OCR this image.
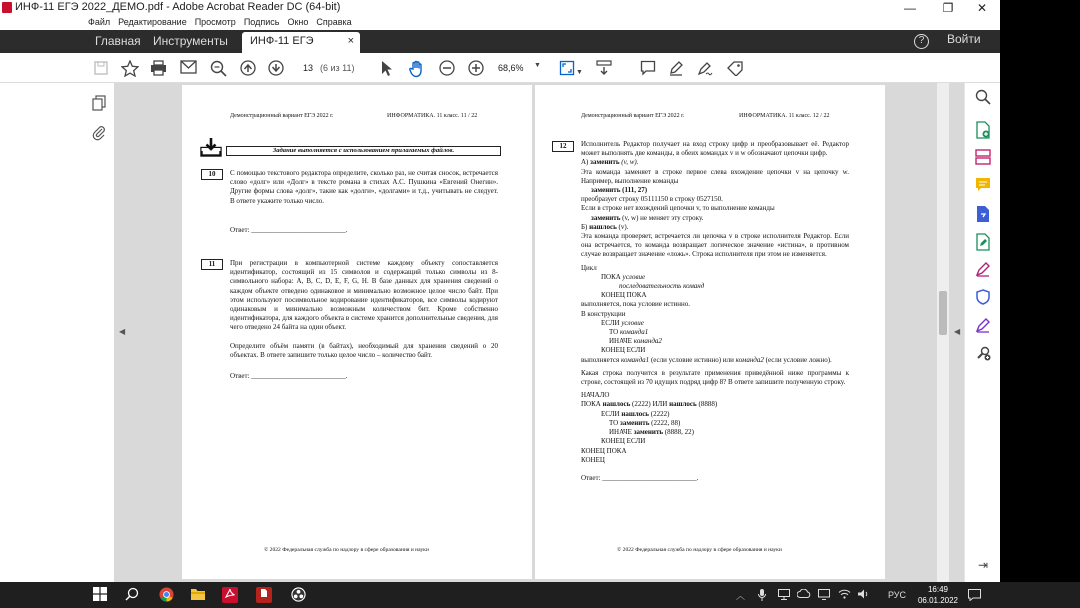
ИНФ-11 ЕГЭ 2022_ДЕМО.pdf - Adobe Acrobat Reader DC (64-bit)	—	❐	✕
Файл Редактирование Просмотр Подпись Окно Справка
Главная	Инструменты	ИНФ-11 ЕГЭ	×	?	Войти
13 (6 из 11)	68,6% ▼
▼
◀	◀
Демонстрационный вариант ЕГЭ 2022 г.	ИНФОРМАТИКА. 11 класс. 11 / 22
Задание выполняется с использованием прилагаемых файлов.
10	С помощью текстового редактора определите, сколько раз, не считая сносок, встречается слово «долг» или «Долг» в тексте романа в стихах А.С. Пушкина «Евгений Онегин». Другие формы слова «долг», такие как «долги», «долгами» и т.д., учитывать не следует. В ответе укажите только число.
Ответ: ___________________________.
11	При регистрации в компьютерной системе каждому объекту сопоставляется идентификатор, состоящий из 15 символов и содержащий только символы из 8-символьного набора: А, В, C, D, Е, F, G, H. В базе данных для хранения сведений о каждом объекте отведено одинаковое и минимально возможное целое число байт. При этом используют посимвольное кодирование идентификаторов, все символы кодируют одинаковым и минимально возможным количеством бит. Кроме собственно идентификатора, для каждого объекта в системе хранится дополнительные сведения, для чего отведено 24 байта на один объект.
Определите объём памяти (в байтах), необходимый для хранения сведений о 20 объектах. В ответе запишите только целое число – количество байт.
Ответ: ___________________________.
© 2022 Федеральная служба по надзору в сфере образования и науки
Демонстрационный вариант ЕГЭ 2022 г.	ИНФОРМАТИКА. 11 класс. 12 / 22
12	Исполнитель Редактор получает на вход строку цифр и преобразовывает её. Редактор может выполнять две команды, в обеих командах v и w обозначают цепочки цифр.
А) заменить (v, w).
Эта команда заменяет в строке первое слева вхождение цепочки v на цепочку w. Например, выполнение команды
заменить (111, 27)
преобразует строку 05111150 в строку 0527150.
Если в строке нет вхождений цепочки v, то выполнение команды
заменить (v, w) не меняет эту строку.
Б) нашлось (v).
Эта команда проверяет, встречается ли цепочка v в строке исполнителя Редактор. Если она встречается, то команда возвращает логическое значение «истина», в противном случае возвращает значение «ложь». Строка исполнителя при этом не изменяется.
Цикл
ПОКА условие
последовательность команд
КОНЕЦ ПОКА
выполняется, пока условие истинно.
В конструкции
ЕСЛИ условие
ТО команда1
ИНАЧЕ команда2
КОНЕЦ ЕСЛИ
выполняется команда1 (если условие истинно) или команда2 (если условие ложно).
Какая строка получится в результате применения приведённой ниже программы к строке, состоящей из 70 идущих подряд цифр 8? В ответе запишите полученную строку.
НАЧАЛО
ПОКА нашлось (2222) ИЛИ нашлось (8888)
ЕСЛИ нашлось (2222)
ТО заменить (2222, 88)
ИНАЧЕ заменить (8888, 22)
КОНЕЦ ЕСЛИ
КОНЕЦ ПОКА
КОНЕЦ
Ответ: ___________________________.
© 2022 Федеральная служба по надзору в сфере образования и науки
⇥
︿	РУС
16:49
06.01.2022
